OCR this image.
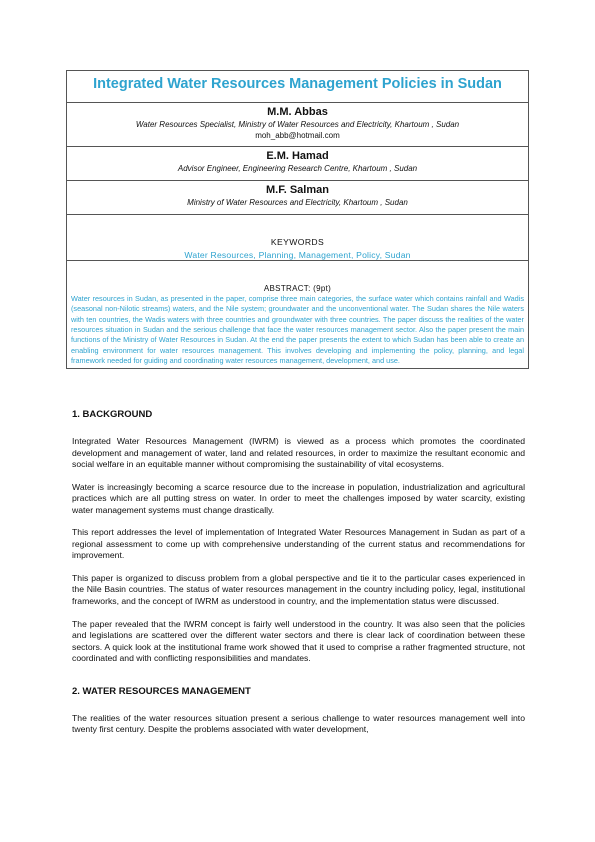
Integrated Water Resources Management Policies in Sudan
M.M. Abbas
Water Resources Specialist, Ministry of Water Resources and Electricity, Khartoum , Sudan
moh_abb@hotmail.com
E.M. Hamad
Advisor Engineer, Engineering Research Centre, Khartoum , Sudan
M.F. Salman
Ministry of Water Resources and Electricity, Khartoum , Sudan
KEYWORDS
Water Resources, Planning, Management, Policy, Sudan
ABSTRACT: (9pt)

Water resources in Sudan, as presented in the paper, comprise three main categories, the surface water which contains rainfall and Wadis (seasonal non-Nilotic streams) waters, and the Nile system; groundwater and the unconventional water. The Sudan shares the Nile waters with ten countries, the Wadis waters with three countries and groundwater with three countries. The paper discuss the realities of the water resources situation in Sudan and the serious challenge that face the water resources management sector. Also the paper present the main functions of the Ministry of Water Resources in Sudan. At the end the paper presents the extent to which Sudan has been able to create an enabling environment for water resources management. This involves developing and implementing the policy, planning, and legal framework needed for guiding and coordinating water resources management, development, and use.

1. BACKGROUND

Integrated Water Resources Management (IWRM) is viewed as a process which promotes the coordinated development and management of water, land and related resources, in order to maximize the resultant economic and social welfare in an equitable manner without compromising the sustainability of vital ecosystems.

Water is increasingly becoming a scarce resource due to the increase in population, industrialization and agricultural practices which are all putting stress on water. In order to meet the challenges imposed by water scarcity, existing water management systems must change drastically.

This report addresses the level of implementation of Integrated Water Resources Management in Sudan as part of a regional assessment to come up with comprehensive understanding of the current status and recommendations for improvement.

This paper is organized to discuss problem from a global perspective and tie it to the particular cases experienced in the Nile Basin countries. The status of water resources management in the country including policy, legal, institutional frameworks, and the concept of IWRM as understood in country, and the implementation status were discussed.

The paper revealed that the IWRM concept is fairly well understood in the country. It was also seen that the policies and legislations are scattered over the different water sectors and there is clear lack of coordination between these sectors. A quick look at the institutional frame work showed that it used to comprise a rather fragmented structure, not coordinated and with conflicting responsibilities and mandates.

2. WATER RESOURCES MANAGEMENT

The realities of the water resources situation present a serious challenge to water resources management well into twenty first century. Despite the problems associated with water development,
